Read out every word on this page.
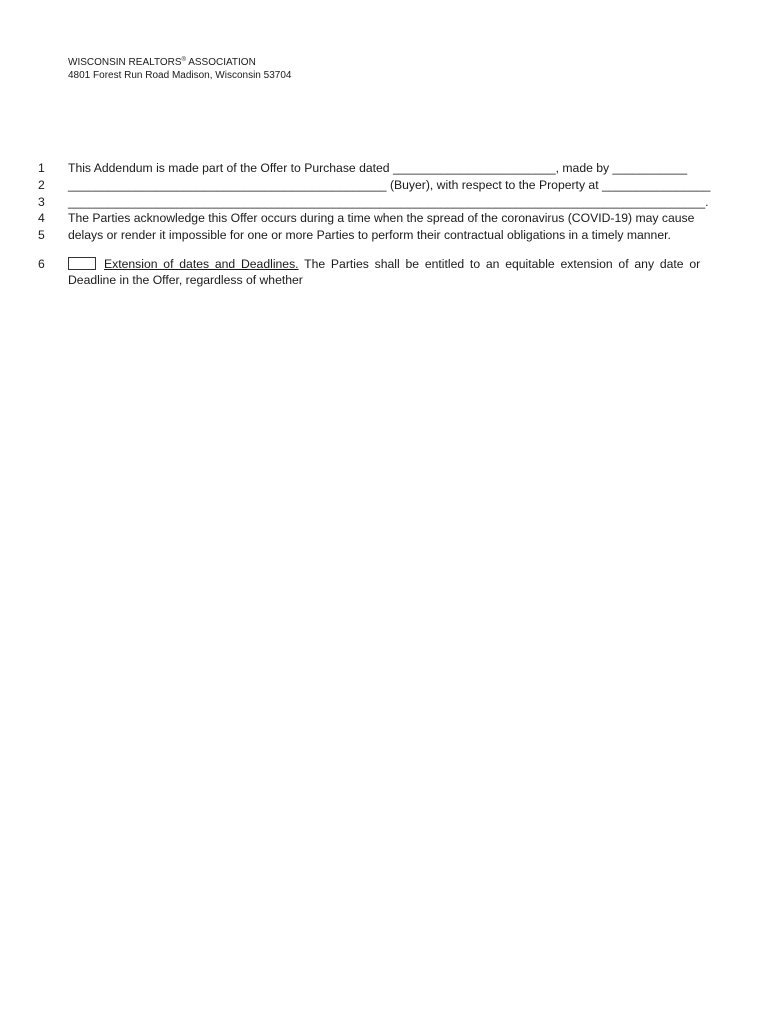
WISCONSIN REALTORS® ASSOCIATION
4801 Forest Run Road Madison, Wisconsin 53704
1	This Addendum is made part of the Offer to Purchase dated ________________________, made by ___________
2	_______________________________________________ (Buyer), with respect to the Property at ________________
3	______________________________________________________________________________________________.
4	The Parties acknowledge this Offer occurs during a time when the spread of the coronavirus (COVID-19) may cause
5	delays or render it impossible for one or more Parties to perform their contractual obligations in a timely manner.
6	Extension of dates and Deadlines. The Parties shall be entitled to an equitable extension of any date or
Deadline in the Offer, regardless of whether
